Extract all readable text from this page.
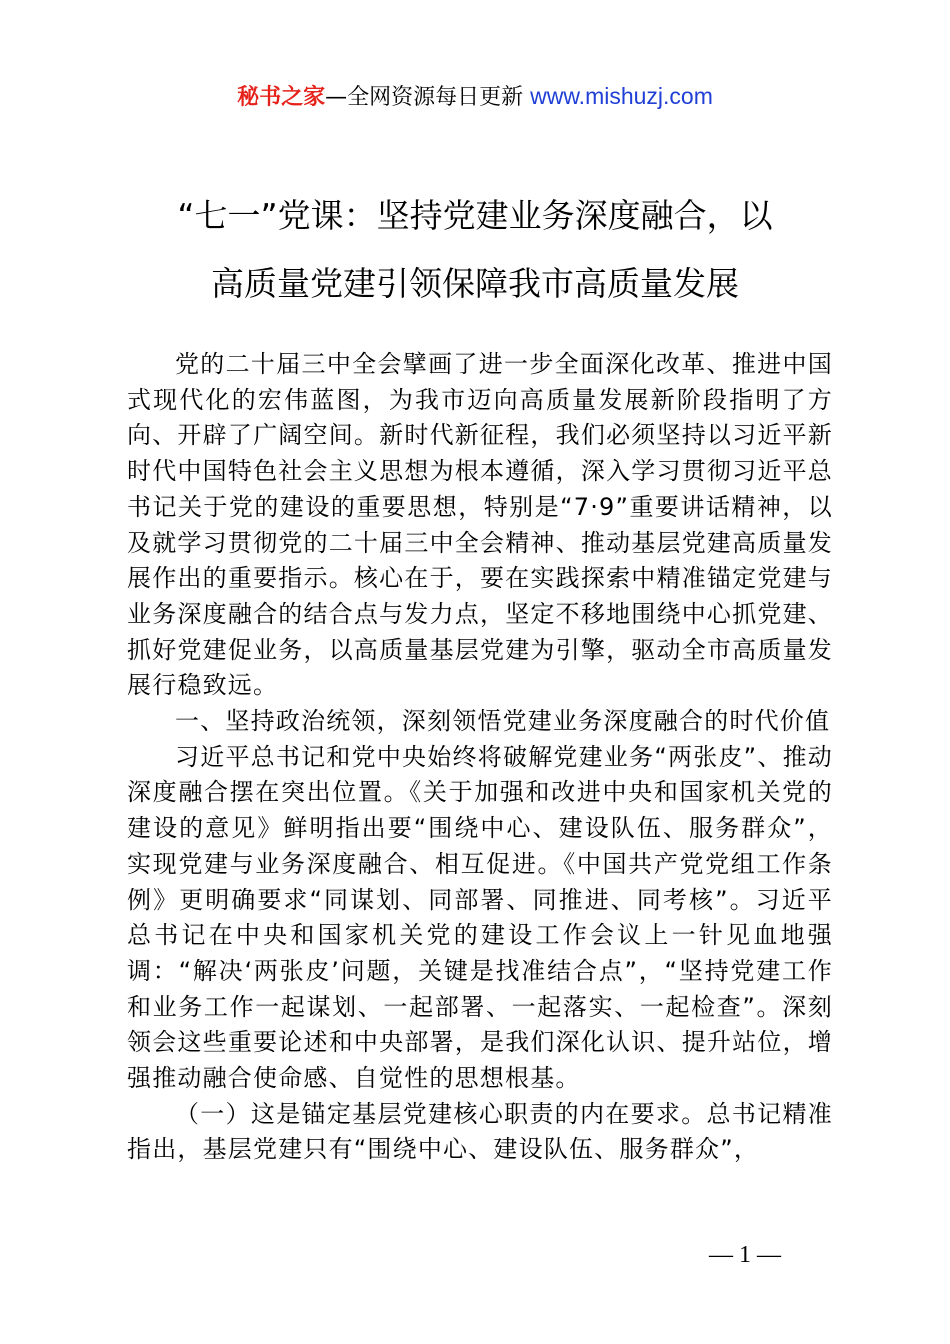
秘书之家—全网资源每日更新 www.mishuzj.com
“七一”党课：坚持党建业务深度融合，以
高质量党建引领保障我市高质量发展

党的二十届三中全会擘画了进一步全面深化改革、推进中国式现代化的宏伟蓝图，为我市迈向高质量发展新阶段指明了方向、开辟了广阔空间。新时代新征程，我们必须坚持以习近平新时代中国特色社会主义思想为根本遵循，深入学习贯彻习近平总书记关于党的建设的重要思想，特别是“7·9”重要讲话精神，以及就学习贯彻党的二十届三中全会精神、推动基层党建高质量发展作出的重要指示。核心在于，要在实践探索中精准锚定党建与业务深度融合的结合点与发力点，坚定不移地围绕中心抓党建、抓好党建促业务，以高质量基层党建为引擎，驱动全市高质量发展行稳致远。

一、坚持政治统领，深刻领悟党建业务深度融合的时代价值

习近平总书记和党中央始终将破解党建业务“两张皮”、推动深度融合摆在突出位置。《关于加强和改进中央和国家机关党的建设的意见》鲜明指出要“围绕中心、建设队伍、服务群众”，实现党建与业务深度融合、相互促进。《中国共产党党组工作条例》更明确要求“同谋划、同部署、同推进、同考核”。习近平总书记在中央和国家机关党的建设工作会议上一针见血地强调：“解决‘两张皮’问题，关键是找准结合点”，“坚持党建工作和业务工作一起谋划、一起部署、一起落实、一起检查”。深刻领会这些重要论述和中央部署，是我们深化认识、提升站位，增强推动融合使命感、自觉性的思想根基。

（一）这是锚定基层党建核心职责的内在要求。总书记精准指出，基层党建只有“围绕中心、建设队伍、服务群众”，

— 1 —
